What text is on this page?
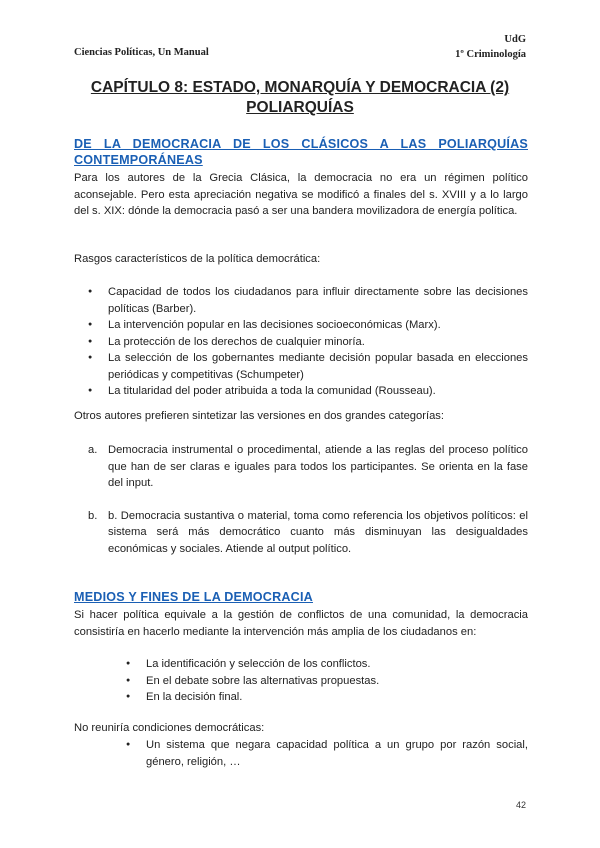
Ciencias Políticas, Un Manual
UdG
1º Criminología
CAPÍTULO 8: ESTADO, MONARQUÍA Y DEMOCRACIA (2)
POLIARQUÍAS
DE LA DEMOCRACIA DE LOS CLÁSICOS A LAS POLIARQUÍAS CONTEMPORÁNEAS
Para los autores de la Grecia Clásica, la democracia no era un régimen político aconsejable. Pero esta apreciación negativa se modificó a finales del s. XVIII y a lo largo del s. XIX: dónde la democracia pasó a ser una bandera movilizadora de energía política.
Rasgos característicos de la política democrática:
● Capacidad de todos los ciudadanos para influir directamente sobre las decisiones políticas (Barber).
● La intervención popular en las decisiones socioeconómicas (Marx).
● La protección de los derechos de cualquier minoría.
● La selección de los gobernantes mediante decisión popular basada en elecciones periódicas y competitivas (Schumpeter)
● La titularidad del poder atribuida a toda la comunidad (Rousseau).
Otros autores prefieren sintetizar las versiones en dos grandes categorías:
a. Democracia instrumental o procedimental, atiende a las reglas del proceso político que han de ser claras e iguales para todos los participantes. Se orienta en la fase del input.
b. b. Democracia sustantiva o material, toma como referencia los objetivos políticos: el sistema será más democrático cuanto más disminuyan las desigualdades económicas y sociales. Atiende al output político.
MEDIOS Y FINES DE LA DEMOCRACIA
Si hacer política equivale a la gestión de conflictos de una comunidad, la democracia consistiría en hacerlo mediante la intervención más amplia de los ciudadanos en:
● La identificación y selección de los conflictos.
● En el debate sobre las alternativas propuestas.
● En la decisión final.
No reuniría condiciones democráticas:
● Un sistema que negara capacidad política a un grupo por razón social, género, religión, …
42
